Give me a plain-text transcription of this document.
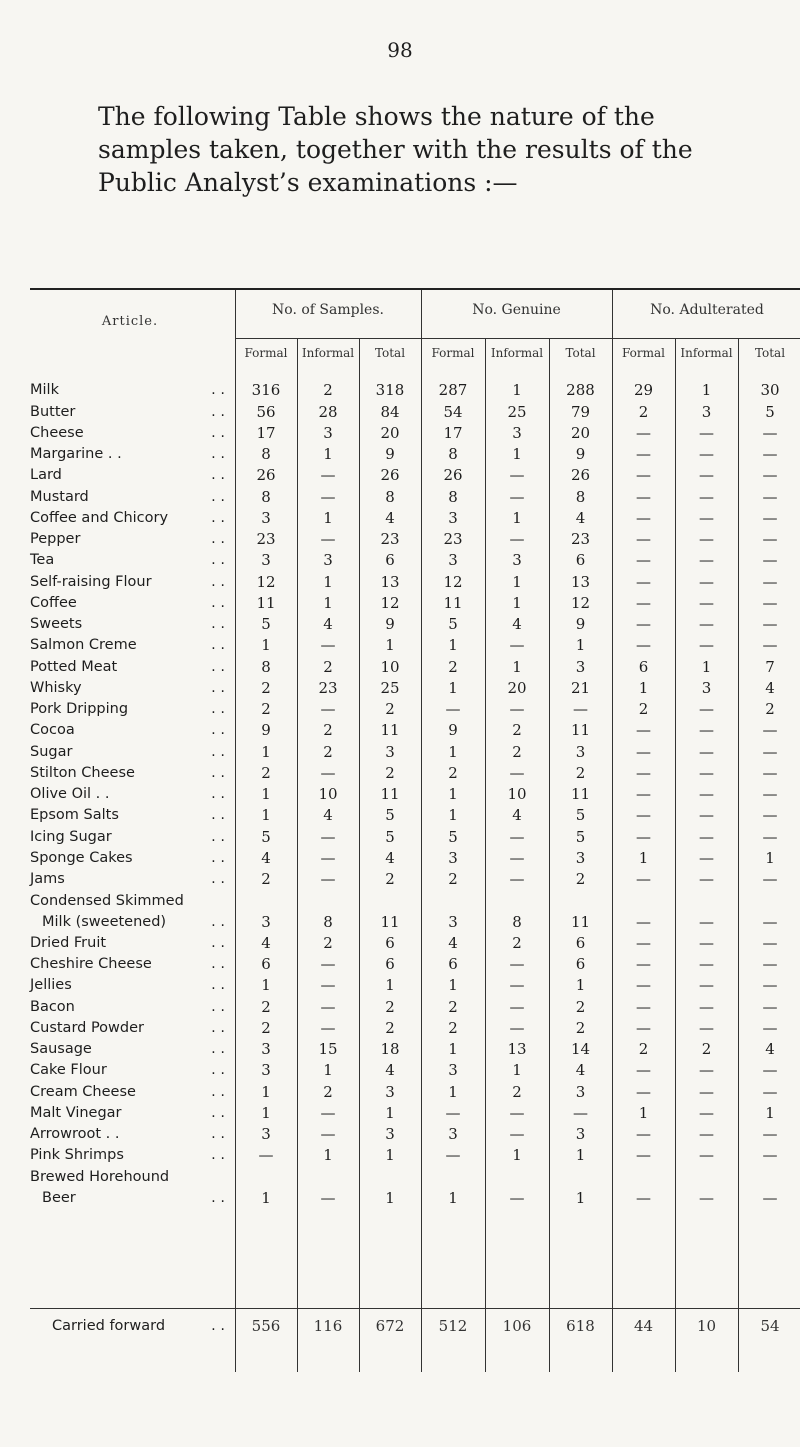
98
The following Table shows the nature of the samples taken, together with the results of the Public Analyst’s examinations :—
Article.
No. of Samples.	No. Genuine	No. Adulterated
Formal	Informal	Total	Formal	Informal	Total	Formal	Informal	Total
Milk	. .	316	2	318	287	1	288	29	1	30
Butter	. .	56	28	84	54	25	79	2	3	5
Cheese	. .	17	3	20	17	3	20	—	—	—
Margarine . .	. .	8	1	9	8	1	9	—	—	—
Lard	. .	26	—	26	26	—	26	—	—	—
Mustard	. .	8	—	8	8	—	8	—	—	—
Coffee and Chicory	. .	3	1	4	3	1	4	—	—	—
Pepper	. .	23	—	23	23	—	23	—	—	—
Tea	. .	3	3	6	3	3	6	—	—	—
Self-raising Flour	. .	12	1	13	12	1	13	—	—	—
Coffee	. .	11	1	12	11	1	12	—	—	—
Sweets	. .	5	4	9	5	4	9	—	—	—
Salmon Creme	. .	1	—	1	1	—	1	—	—	—
Potted Meat	. .	8	2	10	2	1	3	6	1	7
Whisky	. .	2	23	25	1	20	21	1	3	4
Pork Dripping	. .	2	—	2	—	—	—	2	—	2
Cocoa	. .	9	2	11	9	2	11	—	—	—
Sugar	. .	1	2	3	1	2	3	—	—	—
Stilton Cheese	. .	2	—	2	2	—	2	—	—	—
Olive Oil . .	. .	1	10	11	1	10	11	—	—	—
Epsom Salts	. .	1	4	5	1	4	5	—	—	—
Icing Sugar	. .	5	—	5	5	—	5	—	—	—
Sponge Cakes	. .	4	—	4	3	—	3	1	—	1
Jams	. .	2	—	2	2	—	2	—	—	—
Condensed Skimmed
Milk (sweetened)	. .	3	8	11	3	8	11	—	—	—
Dried Fruit	. .	4	2	6	4	2	6	—	—	—
Cheshire Cheese	. .	6	—	6	6	—	6	—	—	—
Jellies	. .	1	—	1	1	—	1	—	—	—
Bacon	. .	2	—	2	2	—	2	—	—	—
Custard Powder	. .	2	—	2	2	—	2	—	—	—
Sausage	. .	3	15	18	1	13	14	2	2	4
Cake Flour	. .	3	1	4	3	1	4	—	—	—
Cream Cheese	. .	1	2	3	1	2	3	—	—	—
Malt Vinegar	. .	1	—	1	—	—	—	1	—	1
Arrowroot . .	. .	3	—	3	3	—	3	—	—	—
Pink Shrimps	. .	—	1	1	—	1	1	—	—	—
Brewed Horehound
Beer	. .	1	—	1	1	—	1	—	—	—
Carried forward	. .	556	116	672	512	106	618	44	10	54
